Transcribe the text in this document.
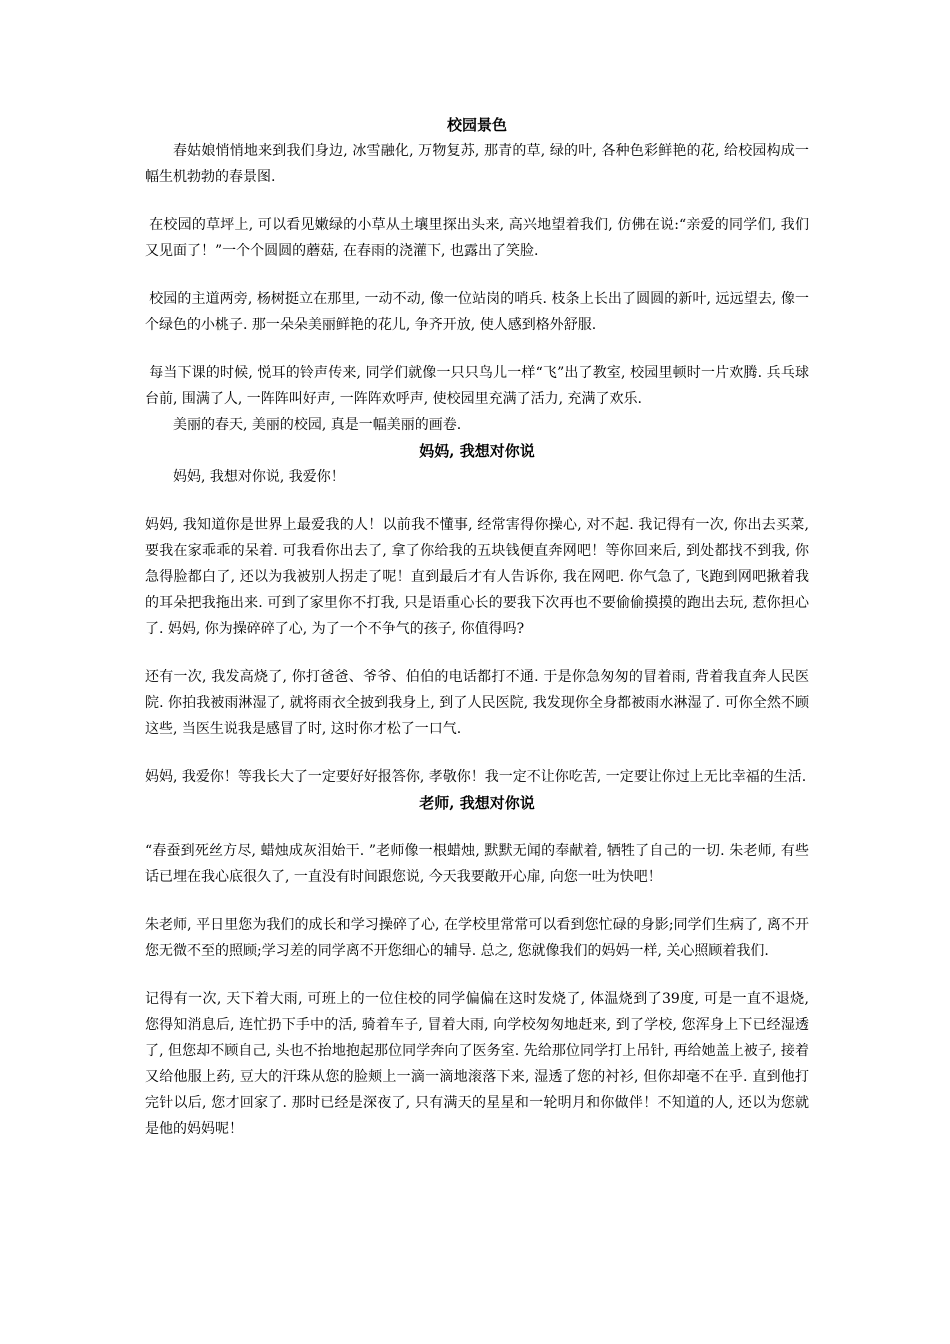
校园景色

春姑娘悄悄地来到我们身边, 冰雪融化, 万物复苏, 那青的草, 绿的叶, 各种色彩鲜艳的花, 给校园构成一幅生机勃勃的春景图.

在校园的草坪上, 可以看见嫩绿的小草从土壤里探出头来, 高兴地望着我们, 仿佛在说:“亲爱的同学们, 我们又见面了！”一个个圆圆的蘑菇, 在春雨的浇灌下, 也露出了笑脸.

校园的主道两旁, 杨树挺立在那里, 一动不动, 像一位站岗的哨兵. 枝条上长出了圆圆的新叶, 远远望去, 像一个绿色的小桃子. 那一朵朵美丽鲜艳的花儿, 争齐开放, 使人感到格外舒服.

每当下课的时候, 悦耳的铃声传来, 同学们就像一只只鸟儿一样“飞”出了教室, 校园里顿时一片欢腾. 兵乓球台前, 围满了人, 一阵阵叫好声, 一阵阵欢呼声, 使校园里充满了活力, 充满了欢乐.

美丽的春天, 美丽的校园, 真是一幅美丽的画卷.

妈妈, 我想对你说

妈妈, 我想对你说, 我爱你！

妈妈, 我知道你是世界上最爱我的人！以前我不懂事, 经常害得你操心, 对不起. 我记得有一次, 你出去买菜, 要我在家乖乖的呆着. 可我看你出去了, 拿了你给我的五块钱便直奔网吧！等你回来后, 到处都找不到我, 你急得脸都白了, 还以为我被别人拐走了呢！直到最后才有人告诉你, 我在网吧. 你气急了, 飞跑到网吧揪着我的耳朵把我拖出来. 可到了家里你不打我, 只是语重心长的要我下次再也不要偷偷摸摸的跑出去玩, 惹你担心了. 妈妈, 你为操碎碎了心, 为了一个不争气的孩子, 你值得吗?

还有一次, 我发高烧了, 你打爸爸、爷爷、伯伯的电话都打不通. 于是你急匆匆的冒着雨, 背着我直奔人民医院. 你拍我被雨淋湿了, 就将雨衣全披到我身上, 到了人民医院, 我发现你全身都被雨水淋湿了. 可你全然不顾这些, 当医生说我是感冒了时, 这时你才松了一口气.

妈妈, 我爱你！等我长大了一定要好好报答你, 孝敬你！我一定不让你吃苦, 一定要让你过上无比幸福的生活.

老师, 我想对你说

“春蚕到死丝方尽, 蜡烛成灰泪始干. ”老师像一根蜡烛, 默默无闻的奉献着, 牺牲了自己的一切. 朱老师, 有些话已埋在我心底很久了, 一直没有时间跟您说, 今天我要敞开心扉, 向您一吐为快吧！

朱老师, 平日里您为我们的成长和学习操碎了心, 在学校里常常可以看到您忙碌的身影;同学们生病了, 离不开您无微不至的照顾;学习差的同学离不开您细心的辅导. 总之, 您就像我们的妈妈一样, 关心照顾着我们.

记得有一次, 天下着大雨, 可班上的一位住校的同学偏偏在这时发烧了, 体温烧到了39度, 可是一直不退烧, 您得知消息后, 连忙扔下手中的活, 骑着车子, 冒着大雨, 向学校匆匆地赶来, 到了学校, 您浑身上下已经湿透了, 但您却不顾自己, 头也不抬地抱起那位同学奔向了医务室. 先给那位同学打上吊针, 再给她盖上被子, 接着又给他服上药, 豆大的汗珠从您的脸颊上一滴一滴地滚落下来, 湿透了您的衬衫, 但你却毫不在乎. 直到他打完针以后, 您才回家了. 那时已经是深夜了, 只有满天的星星和一轮明月和你做伴！不知道的人, 还以为您就是他的妈妈呢！
